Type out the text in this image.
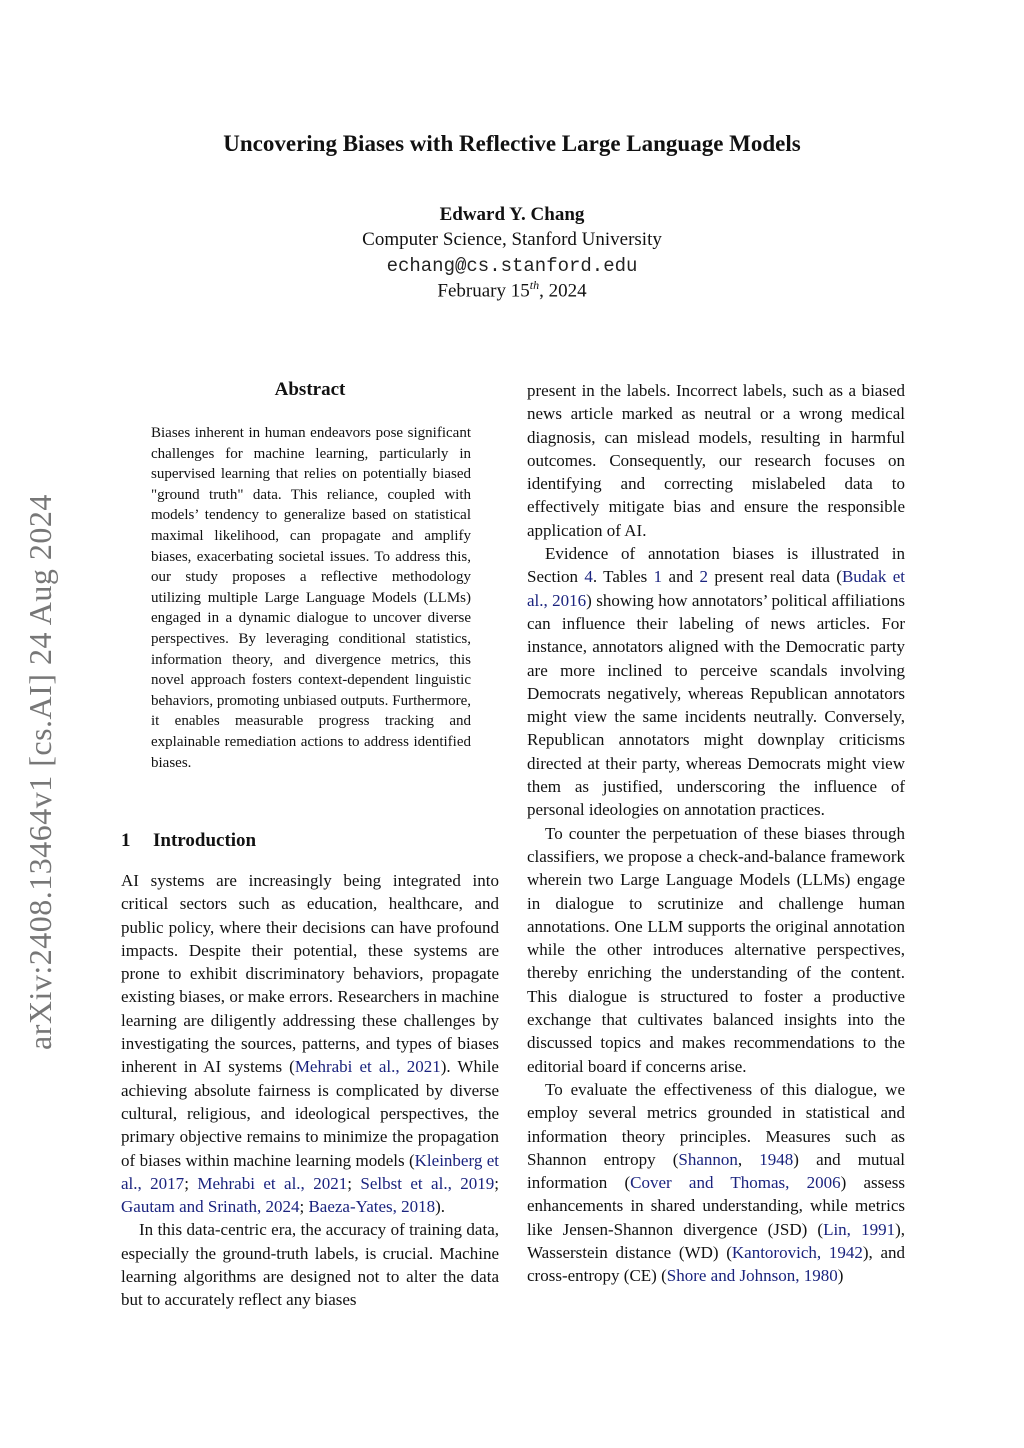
arXiv:2408.13464v1 [cs.AI] 24 Aug 2024
Uncovering Biases with Reflective Large Language Models
Edward Y. Chang
Computer Science, Stanford University
echang@cs.stanford.edu
February 15th, 2024
Abstract
Biases inherent in human endeavors pose significant challenges for machine learning, particularly in supervised learning that relies on potentially biased "ground truth" data. This reliance, coupled with models’ tendency to generalize based on statistical maximal likelihood, can propagate and amplify biases, exacerbating societal issues. To address this, our study proposes a reflective methodology utilizing multiple Large Language Models (LLMs) engaged in a dynamic dialogue to uncover diverse perspectives. By leveraging conditional statistics, information theory, and divergence metrics, this novel approach fosters context-dependent linguistic behaviors, promoting unbiased outputs. Furthermore, it enables measurable progress tracking and explainable remediation actions to address identified biases.
1 Introduction

AI systems are increasingly being integrated into critical sectors such as education, healthcare, and public policy, where their decisions can have profound impacts. Despite their potential, these systems are prone to exhibit discriminatory behaviors, propagate existing biases, or make errors. Researchers in machine learning are diligently addressing these challenges by investigating the sources, patterns, and types of biases inherent in AI systems (Mehrabi et al., 2021). While achieving absolute fairness is complicated by diverse cultural, religious, and ideological perspectives, the primary objective remains to minimize the propagation of biases within machine learning models (Kleinberg et al., 2017; Mehrabi et al., 2021; Selbst et al., 2019; Gautam and Srinath, 2024; Baeza-Yates, 2018).

In this data-centric era, the accuracy of training data, especially the ground-truth labels, is crucial. Machine learning algorithms are designed not to alter the data but to accurately reflect any biases

present in the labels. Incorrect labels, such as a biased news article marked as neutral or a wrong medical diagnosis, can mislead models, resulting in harmful outcomes. Consequently, our research focuses on identifying and correcting mislabeled data to effectively mitigate bias and ensure the responsible application of AI.

Evidence of annotation biases is illustrated in Section 4. Tables 1 and 2 present real data (Budak et al., 2016) showing how annotators’ political affiliations can influence their labeling of news articles. For instance, annotators aligned with the Democratic party are more inclined to perceive scandals involving Democrats negatively, whereas Republican annotators might view the same incidents neutrally. Conversely, Republican annotators might downplay criticisms directed at their party, whereas Democrats might view them as justified, underscoring the influence of personal ideologies on annotation practices.

To counter the perpetuation of these biases through classifiers, we propose a check-and-balance framework wherein two Large Language Models (LLMs) engage in dialogue to scrutinize and challenge human annotations. One LLM supports the original annotation while the other introduces alternative perspectives, thereby enriching the understanding of the content. This dialogue is structured to foster a productive exchange that cultivates balanced insights into the discussed topics and makes recommendations to the editorial board if concerns arise.

To evaluate the effectiveness of this dialogue, we employ several metrics grounded in statistical and information theory principles. Measures such as Shannon entropy (Shannon, 1948) and mutual information (Cover and Thomas, 2006) assess enhancements in shared understanding, while metrics like Jensen-Shannon divergence (JSD) (Lin, 1991), Wasserstein distance (WD) (Kantorovich, 1942), and cross-entropy (CE) (Shore and Johnson, 1980)
